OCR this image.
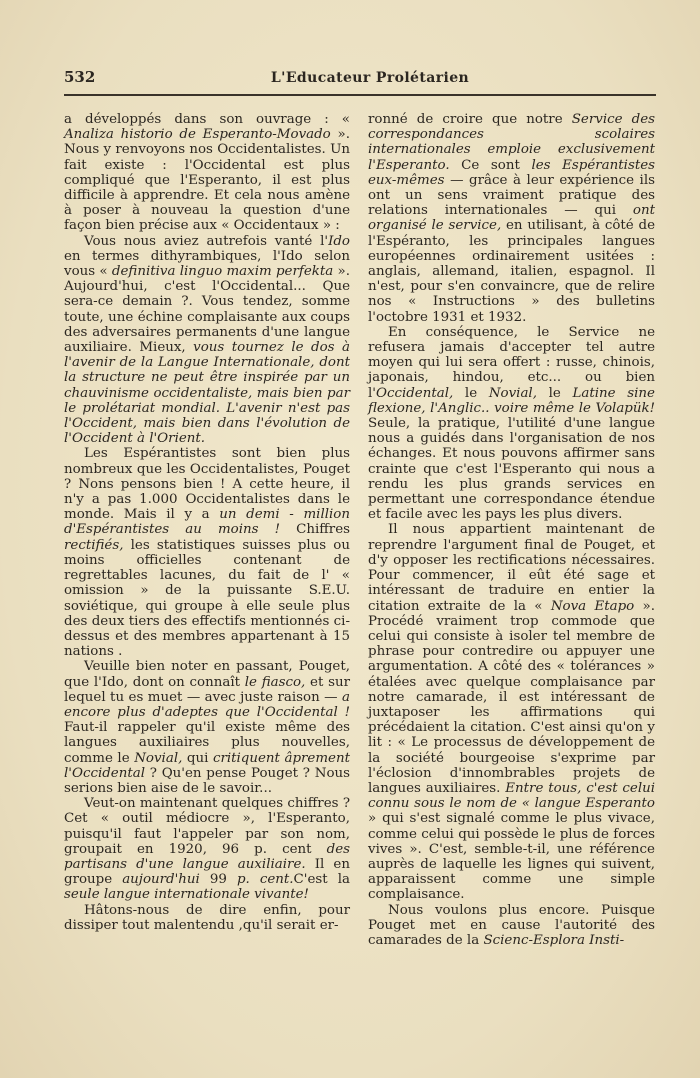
532	L'Educateur Prolétarien

a développés dans son ouvrage : « Analiza historio de Esperanto-Movado ». Nous y renvoyons nos Occidentalistes. Un fait existe : l'Occidental est plus compliqué que l'Esperanto, il est plus difficile à apprendre. Et cela nous amène à poser à nouveau la question d'une façon bien précise aux « Occidentaux » :

Vous nous aviez autrefois vanté l'Ido en termes dithyrambiques, l'Ido selon vous « definitiva linguo maxim perfekta ». Aujourd'hui, c'est l'Occidental... Que sera-ce demain ?. Vous tendez, somme toute, une échine complaisante aux coups des adversaires permanents d'une langue auxiliaire. Mieux, vous tournez le dos à l'avenir de la Langue Internationale, dont la structure ne peut être inspirée par un chauvinisme occidentaliste, mais bien par le prolétariat mondial. L'avenir n'est pas l'Occident, mais bien dans l'évolution de l'Occident à l'Orient.

Les Espérantistes sont bien plus nombreux que les Occidentalistes, Pouget ? Nons pensons bien ! A cette heure, il n'y a pas 1.000 Occidentalistes dans le monde. Mais il y a un demi - million d'Espérantistes au moins ! Chiffres rectifiés, les statistiques suisses plus ou moins officielles contenant de regrettables lacunes, du fait de l' « omission » de la puissante S.E.U. soviétique, qui groupe à elle seule plus des deux tiers des effectifs mentionnés ci-dessus et des membres appartenant à 15 nations .

Veuille bien noter en passant, Pouget, que l'Ido, dont on connaît le fiasco, et sur lequel tu es muet — avec juste raison — a encore plus d'adeptes que l'Occidental ! Faut-il rappeler qu'il existe même des langues auxiliaires plus nouvelles, comme le Novial, qui critiquent âprement l'Occidental ? Qu'en pense Pouget ? Nous serions bien aise de le savoir...

Veut-on maintenant quelques chiffres ? Cet « outil médiocre », l'Esperanto, puisqu'il faut l'appeler par son nom, groupait en 1920, 96 p. cent des partisans d'une langue auxiliaire. Il en groupe aujourd'hui 99 p. cent.C'est la seule langue internationale vivante!

Hâtons-nous de dire enfin, pour dissiper tout malentendu ,qu'il serait er-

ronné de croire que notre Service des correspondances scolaires internationales emploie exclusivement l'Esperanto. Ce sont les Espérantistes eux-mêmes — grâce à leur expérience ils ont un sens vraiment pratique des relations internationales — qui ont organisé le service, en utilisant, à côté de l'Espéranto, les principales langues européennes ordinairement usitées : anglais, allemand, italien, espagnol. Il n'est, pour s'en convaincre, que de relire nos « Instructions » des bulletins l'octobre 1931 et 1932.

En conséquence, le Service ne refusera jamais d'accepter tel autre moyen qui lui sera offert : russe, chinois, japonais, hindou, etc... ou bien l'Occidental, le Novial, le Latine sine flexione, l'Anglic.. voire même le Volapük! Seule, la pratique, l'utilité d'une langue nous a guidés dans l'organisation de nos échanges. Et nous pouvons affirmer sans crainte que c'est l'Esperanto qui nous a rendu les plus grands services en permettant une correspondance étendue et facile avec les pays les plus divers.

Il nous appartient maintenant de reprendre l'argument final de Pouget, et d'y opposer les rectifications nécessaires. Pour commencer, il eût été sage et intéressant de traduire en entier la citation extraite de la « Nova Etapo ». Procédé vraiment trop commode que celui qui consiste à isoler tel membre de phrase pour contredire ou appuyer une argumentation. A côté des « tolérances » étalées avec quelque complaisance par notre camarade, il est intéressant de juxtaposer les affirmations qui précédaient la citation. C'est ainsi qu'on y lit : « Le processus de développement de la société bourgeoise s'exprime par l'éclosion d'innombrables projets de langues auxiliaires. Entre tous, c'est celui connu sous le nom de « langue Esperanto » qui s'est signalé comme le plus vivace, comme celui qui possède le plus de forces vives ». C'est, semble-t-il, une référence auprès de laquelle les lignes qui suivent, apparaissent comme une simple complaisance.

Nous voulons plus encore. Puisque Pouget met en cause l'autorité des camarades de la Scienc-Esplora Insti-
